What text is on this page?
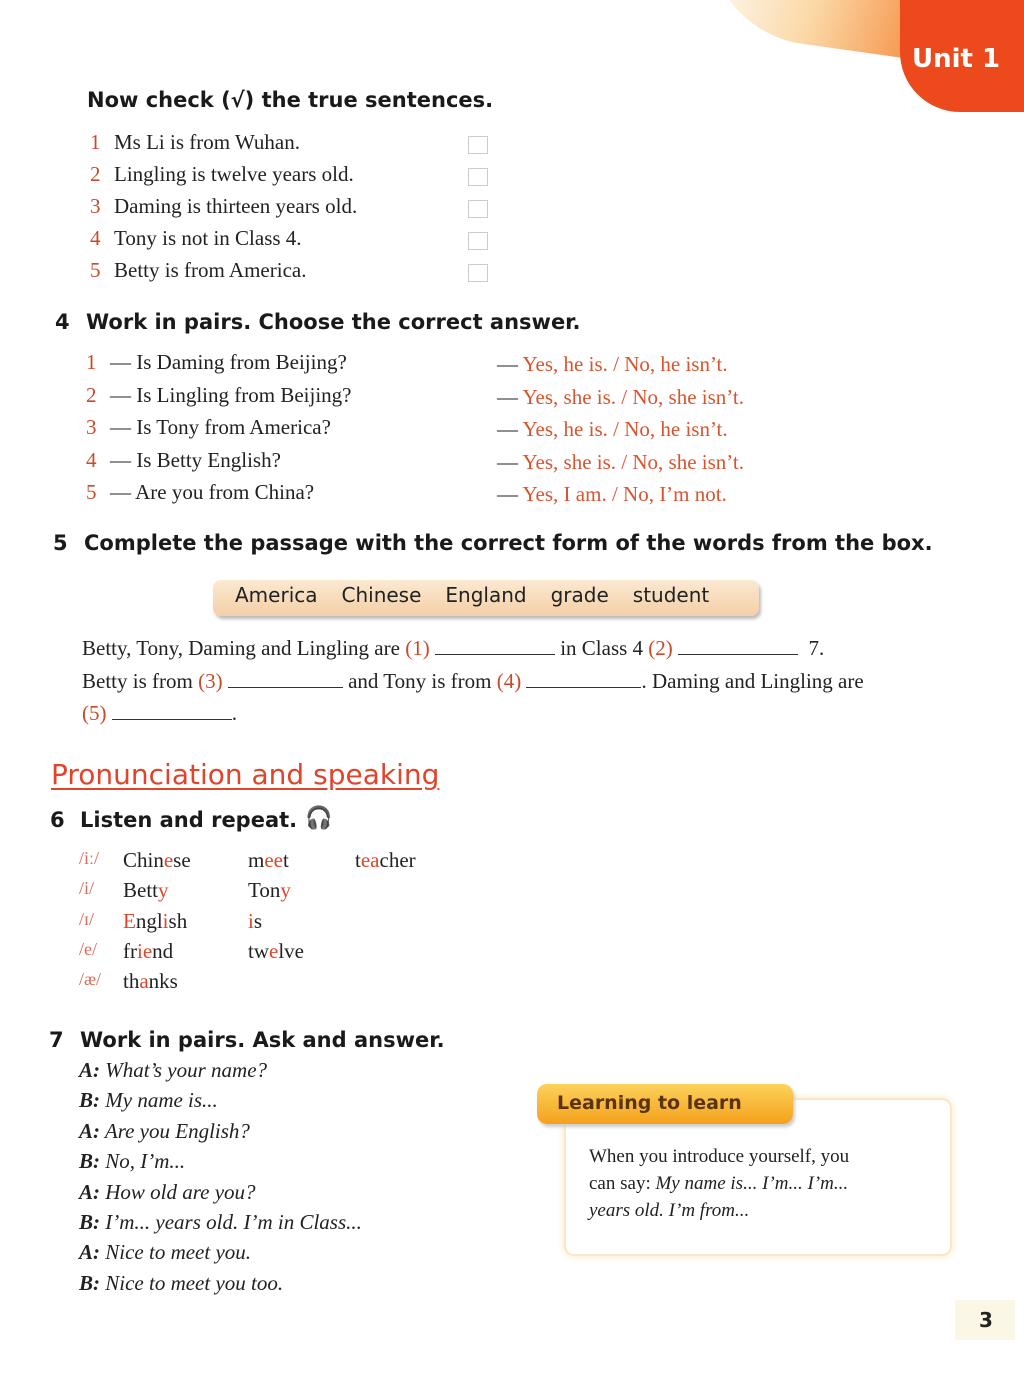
Unit 1
Now check (√) the true sentences.
1 Ms Li is from Wuhan.
2 Lingling is twelve years old.
3 Daming is thirteen years old.
4 Tony is not in Class 4.
5 Betty is from America.
4 Work in pairs. Choose the correct answer.
1 — Is Daming from Beijing?	— Yes, he is. / No, he isn’t.
2 — Is Lingling from Beijing?	— Yes, she is. / No, she isn’t.
3 — Is Tony from America?	— Yes, he is. / No, he isn’t.
4 — Is Betty English?	— Yes, she is. / No, she isn’t.
5 — Are you from China?	— Yes, I am. / No, I’m not.
5 Complete the passage with the correct form of the words from the box.
America Chinese England grade student
Betty, Tony, Daming and Lingling are (1)	in Class 4 (2)	7.
Betty is from (3)	and Tony is from (4)	. Daming and Lingling are
(5)	.
Pronunciation and speaking
6 Listen and repeat. 🎧
/iː/ Chinese	meet	teacher
/i/ Betty	Tony
/ɪ/ English	is
/e/ friend	twelve
/æ/ thanks
7 Work in pairs. Ask and answer.
A: What’s your name?
B: My name is...
A: Are you English?
B: No, I’m...
A: How old are you?
B: I’m... years old. I’m in Class...
A: Nice to meet you.
B: Nice to meet you too.
Learning to learn
When you introduce yourself, you
can say: My name is... I’m... I’m...
years old. I’m from...
3
